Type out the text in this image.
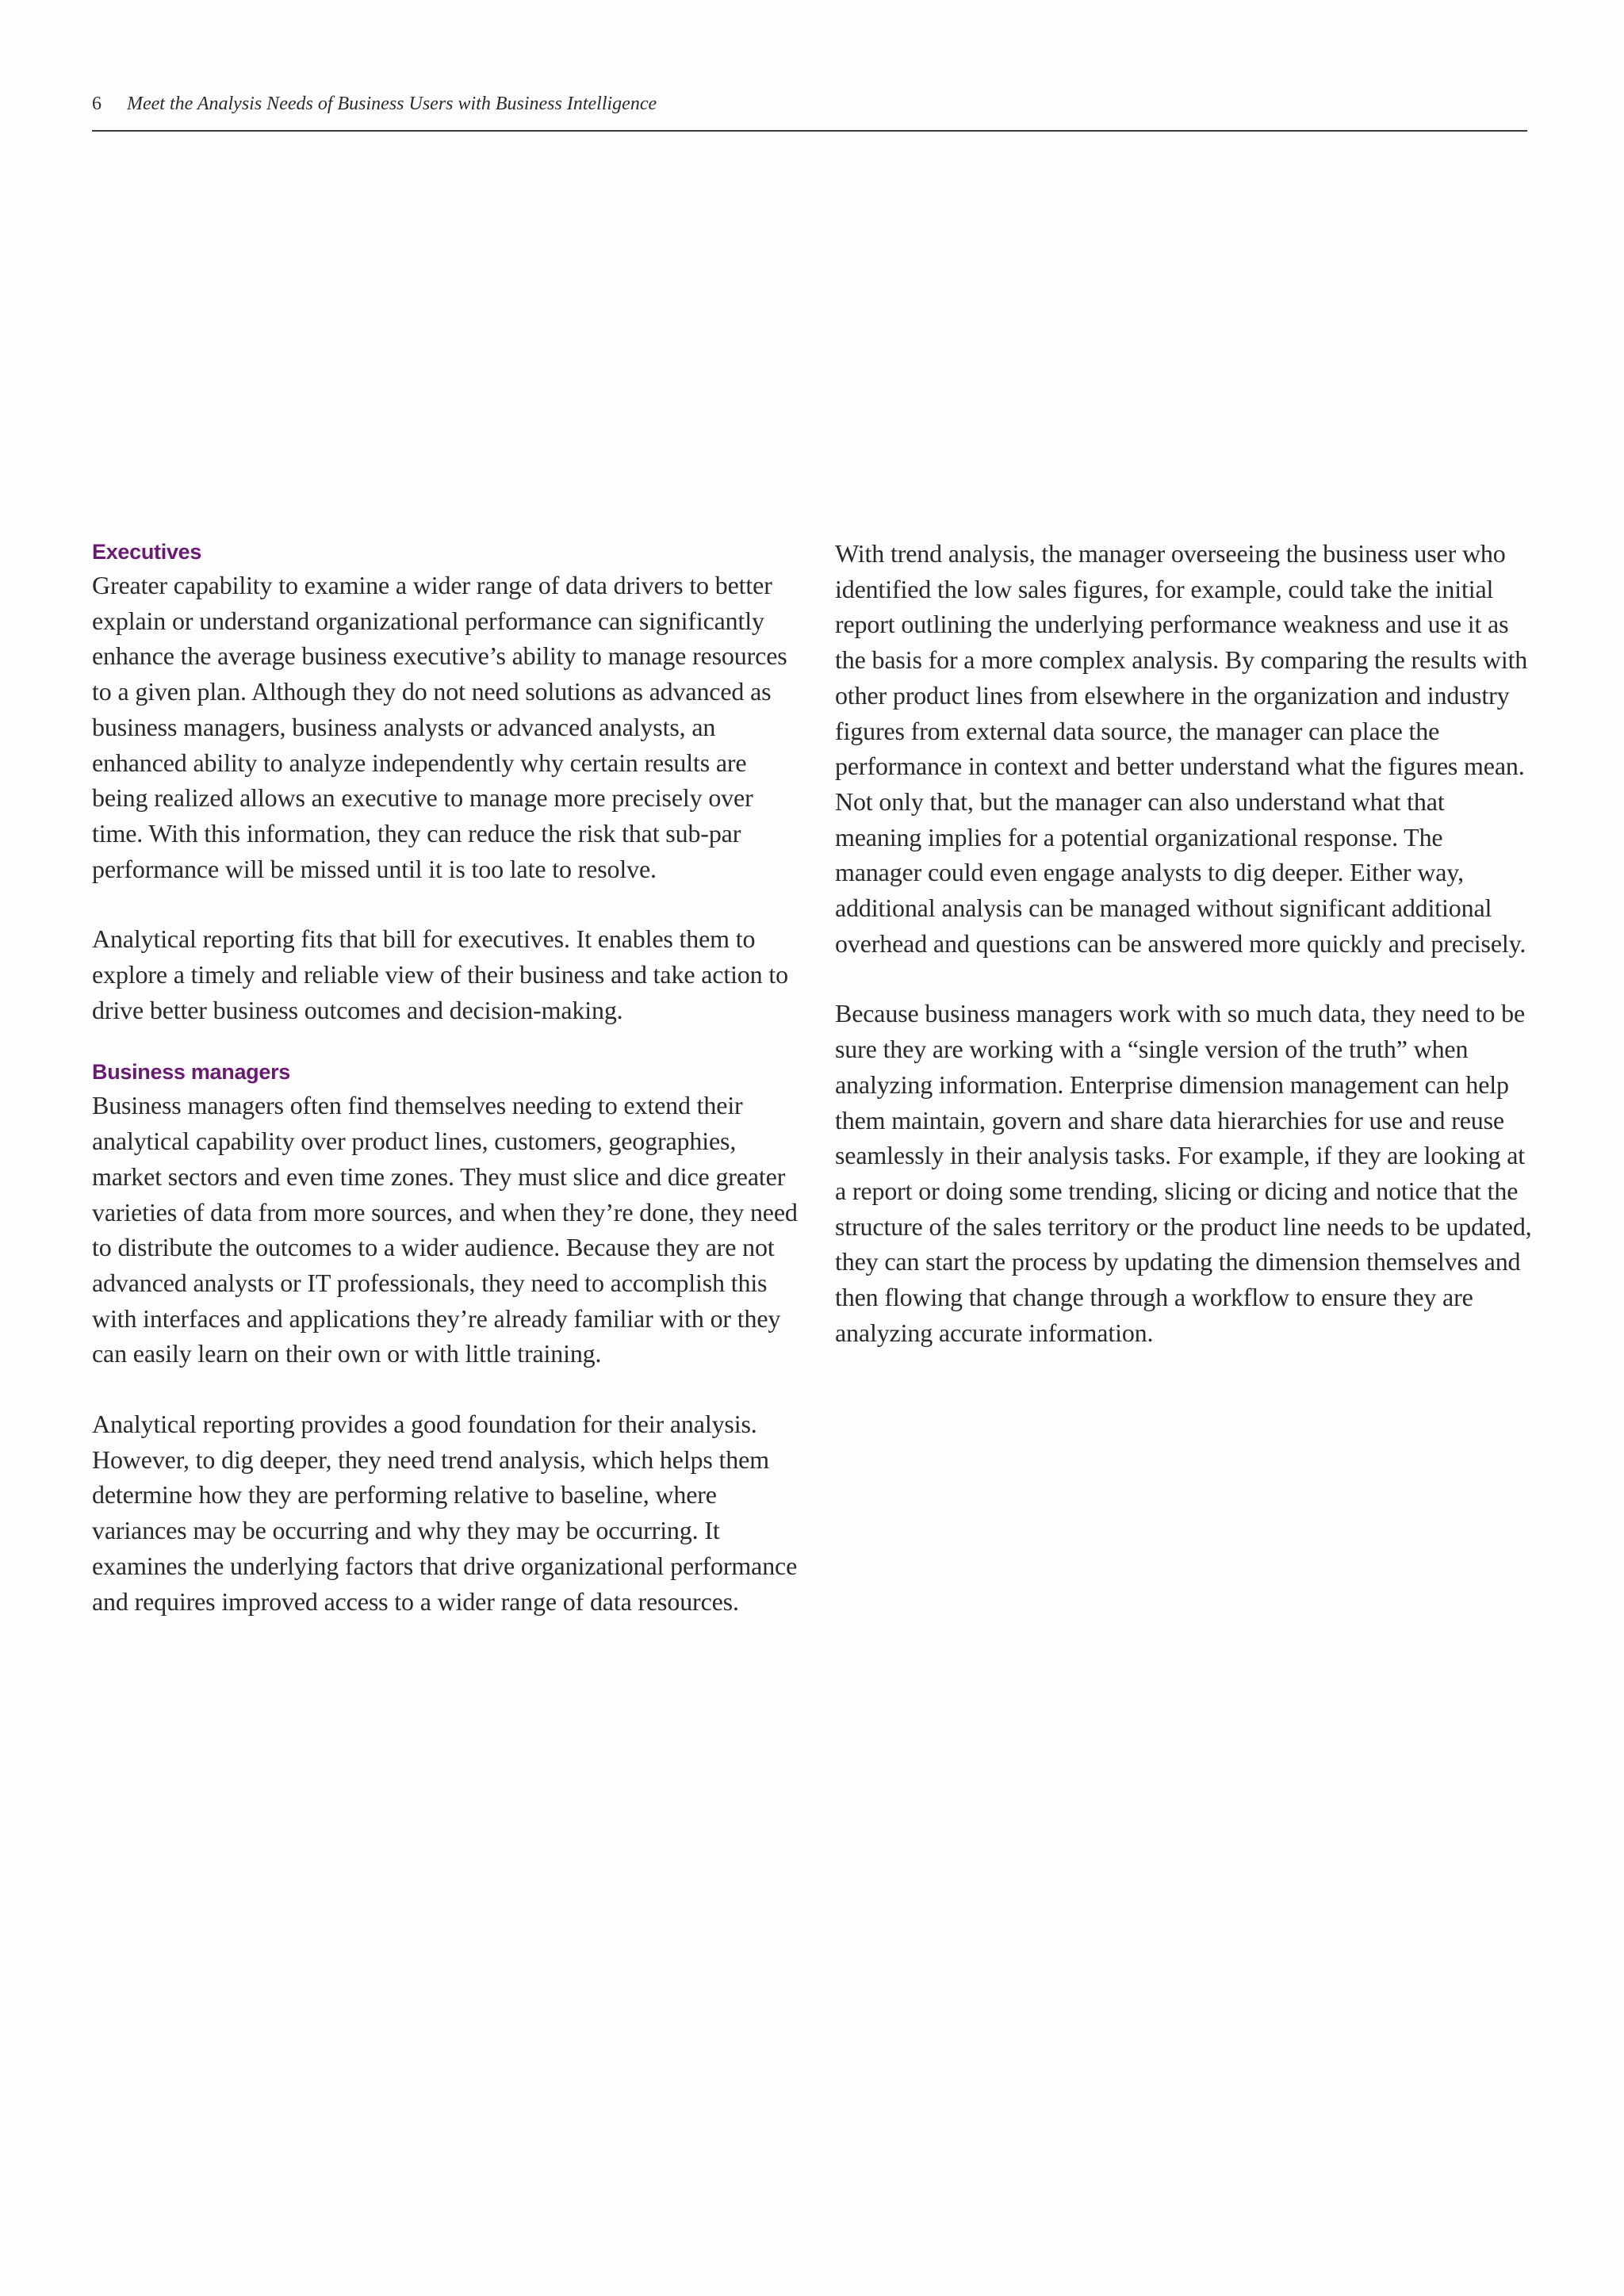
6 Meet the Analysis Needs of Business Users with Business Intelligence
Executives

Greater capability to examine a wider range of data drivers to better explain or understand organizational performance can significantly enhance the average business executive’s ability to manage resources to a given plan. Although they do not need solutions as advanced as business managers, business analysts or advanced analysts, an enhanced ability to analyze independently why certain results are being realized allows an executive to manage more precisely over time. With this information, they can reduce the risk that sub-par performance will be missed until it is too late to resolve.

Analytical reporting fits that bill for executives. It enables them to explore a timely and reliable view of their business and take action to drive better business outcomes and decision-making.

Business managers

Business managers often find themselves needing to extend their analytical capability over product lines, customers, geographies, market sectors and even time zones. They must slice and dice greater varieties of data from more sources, and when they’re done, they need to distribute the outcomes to a wider audience. Because they are not advanced analysts or IT professionals, they need to accomplish this with interfaces and applications they’re already familiar with or they can easily learn on their own or with little training.

Analytical reporting provides a good foundation for their analysis. However, to dig deeper, they need trend analysis, which helps them determine how they are performing relative to baseline, where variances may be occurring and why they may be occurring. It examines the underlying factors that drive organizational performance and requires improved access to a wider range of data resources.

With trend analysis, the manager overseeing the business user who identified the low sales figures, for example, could take the initial report outlining the underlying performance weakness and use it as the basis for a more complex analysis. By comparing the results with other product lines from elsewhere in the organization and industry figures from external data source, the manager can place the performance in context and better understand what the figures mean. Not only that, but the manager can also understand what that meaning implies for a potential organizational response. The manager could even engage analysts to dig deeper. Either way, additional analysis can be managed without significant additional overhead and questions can be answered more quickly and precisely.

Because business managers work with so much data, they need to be sure they are working with a “single version of the truth” when analyzing information. Enterprise dimension management can help them maintain, govern and share data hierarchies for use and reuse seamlessly in their analysis tasks. For example, if they are looking at a report or doing some trending, slicing or dicing and notice that the structure of the sales territory or the product line needs to be updated, they can start the process by updating the dimension themselves and then flowing that change through a workflow to ensure they are analyzing accurate information.
